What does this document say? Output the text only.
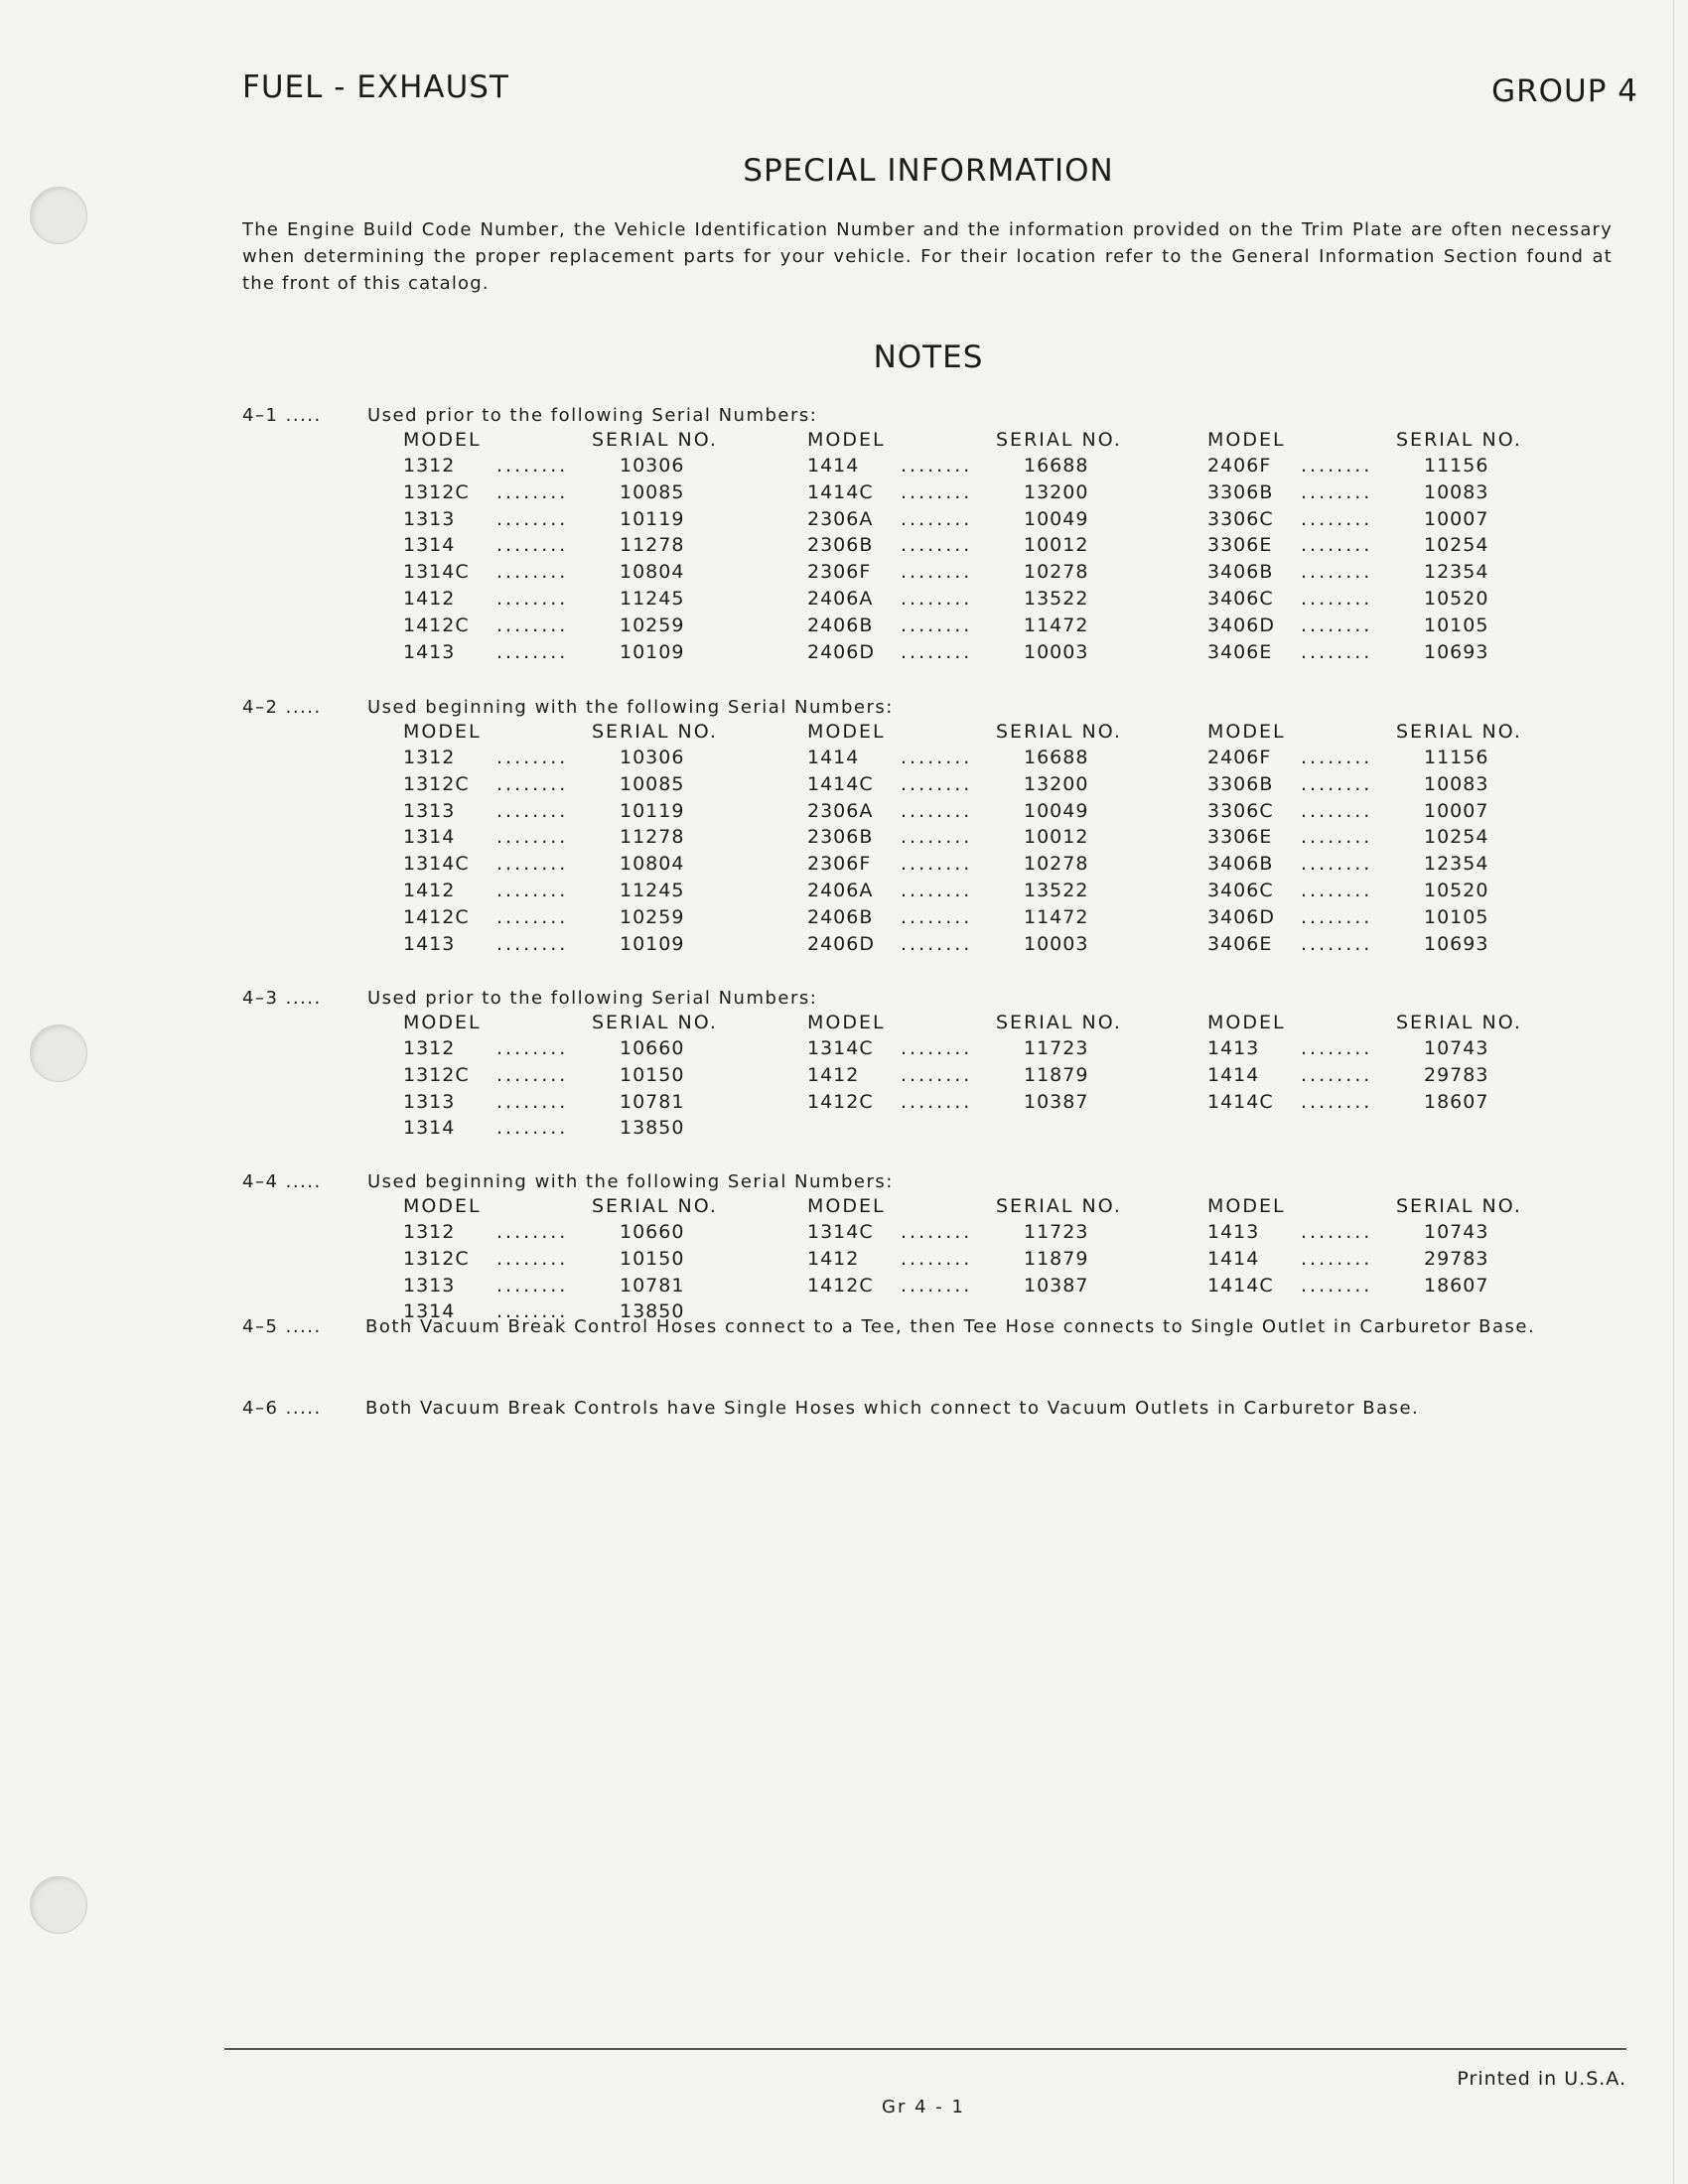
FUEL - EXHAUST	GROUP 4
SPECIAL INFORMATION
The Engine Build Code Number, the Vehicle Identification Number and the information provided on the Trim Plate are often necessary when determining the proper replacement parts for your vehicle. For their location refer to the General Information Section found at the front of this catalog.
NOTES
4–1 .....	Used prior to the following Serial Numbers:
MODEL	SERIAL NO.
1312 ........	10306
1312C ........	10085
1313 ........	10119
1314 ........	11278
1314C ........	10804
1412 ........	11245
1412C ........	10259
1413 ........	10109
MODEL	SERIAL NO.
1414 ........	16688
1414C ........	13200
2306A ........	10049
2306B ........	10012
2306F ........	10278
2406A ........	13522
2406B ........	11472
2406D ........	10003
MODEL	SERIAL NO.
2406F ........	11156
3306B ........	10083
3306C ........	10007
3306E ........	10254
3406B ........	12354
3406C ........	10520
3406D ........	10105
3406E ........	10693
4–2 .....	Used beginning with the following Serial Numbers:
MODEL	SERIAL NO.
1312 ........	10306
1312C ........	10085
1313 ........	10119
1314 ........	11278
1314C ........	10804
1412 ........	11245
1412C ........	10259
1413 ........	10109
MODEL	SERIAL NO.
1414 ........	16688
1414C ........	13200
2306A ........	10049
2306B ........	10012
2306F ........	10278
2406A ........	13522
2406B ........	11472
2406D ........	10003
MODEL	SERIAL NO.
2406F ........	11156
3306B ........	10083
3306C ........	10007
3306E ........	10254
3406B ........	12354
3406C ........	10520
3406D ........	10105
3406E ........	10693
4–3 .....	Used prior to the following Serial Numbers:
MODEL	SERIAL NO.
1312 ........	10660
1312C ........	10150
1313 ........	10781
1314 ........	13850
MODEL	SERIAL NO.
1314C ........	11723
1412 ........	11879
1412C ........	10387
MODEL	SERIAL NO.
1413 ........	10743
1414 ........	29783
1414C ........	18607
4–4 .....	Used beginning with the following Serial Numbers:
MODEL	SERIAL NO.
1312 ........	10660
1312C ........	10150
1313 ........	10781
1314 ........	13850
MODEL	SERIAL NO.
1314C ........	11723
1412 ........	11879
1412C ........	10387
MODEL	SERIAL NO.
1413 ........	10743
1414 ........	29783
1414C ........	18607
4–5 ..... Both Vacuum Break Control Hoses connect to a Tee, then Tee Hose connects to Single Outlet in Carburetor Base.
4–6 ..... Both Vacuum Break Controls have Single Hoses which connect to Vacuum Outlets in Carburetor Base.
Printed in U.S.A.
Gr 4 - 1
